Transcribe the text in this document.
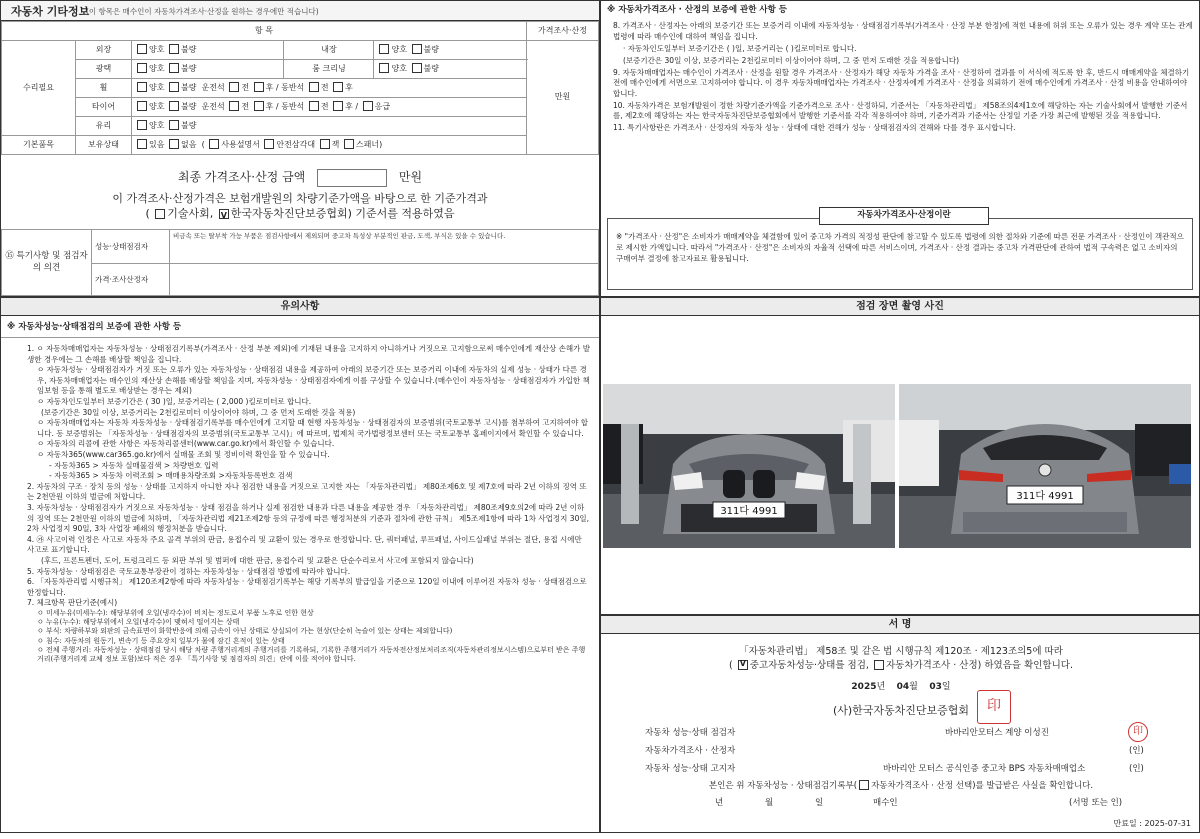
자동차 기타정보
(이 항목은 매수인이 자동차가격조사·산정을 원하는 경우에만 적습니다)
항 목					가격조사·산정
수리필요	외장	양호 불량	내장	양호 불량	만원
	광택	양호 불량	룸 크리닝	양호 불량	
	휠	양호 불량 운전석 전 후 / 동반석 전 후			
	타이어	양호 불량 운전석 전 후 / 동반석 전 후 / 응급			
	유리	양호 불량			
기본품목	보유상태	있음 없음  ( 사용설명서 안전삼각대 잭 스패너)			
최종 가격조사·산정 금액	만원
이 가격조사·산정가격은 보험개발원의 차량기준가액을 바탕으로 한 기준가격과
( 기술사회, V 한국자동차진단보증협회) 기준서를 적용하였음
⑮ 특기사항 및 점검자의 의견	성능·상태점검자	비금속 또는 탈부착 가능 부품은 점검사항에서 제외되며 중고차 특성상 부분적인 판금, 도색, 부식은 있을 수 있습니다.
	가격·조사산정자	
※ 자동차가격조사 · 산정의 보증에 관한 사항 등
8. 가격조사 · 산정자는 아래의 보증기간 또는 보증거리 이내에 자동차성능 · 상태점검기록부(가격조사 · 산정 부분 한정)에 적힌 내용에 허위 또는 오류가 있는 경우 계약 또는 관계법령에 따라 매수인에 대하여 책임을 집니다.
· 자동차인도일부터 보증기간은 ( )일, 보증거리는 ( )킬로미터로 합니다.
(보증기간은 30일 이상, 보증거리는 2천킬로미터 이상이어야 하며, 그 중 먼저 도래한 것을 적용합니다)
9. 자동차매매업자는 매수인이 가격조사 · 산정을 원할 경우 가격조사 · 산정자가 해당 자동차 가격을 조사 · 산정하여 결과를 이 서식에 적도록 한 후, 반드시 매매계약을 체결하기 전에 매수인에게 서면으로 고지하여야 합니다. 이 경우 자동차매매업자는 가격조사 · 산정자에게 가격조사 · 산정을 의뢰하기 전에 매수인에게 가격조사 · 산정 비용을 안내하여야 합니다.
10. 자동차가격은 보험개발원이 정한 차량기준가액을 기준가격으로 조사 · 산정하되, 기준서는 「자동차관리법」 제58조의4제1호에 해당하는 자는 기술사회에서 발행한 기준서를, 제2호에 해당하는 자는 한국자동차진단보증협회에서 발행한 기준서를 각각 적용하여야 하며, 기준가격과 기준서는 산정일 기준 가장 최근에 발행된 것을 적용합니다.
11. 특기사항란은 가격조사 · 산정자의 자동차 성능 · 상태에 대한 견해가 성능 · 상태점검자의 견해와 다를 경우 표시합니다.
※ "가격조사 · 산정"은 소비자가 매매계약을 체결함에 있어 중고차 가격의 적정성 판단에 참고할 수 있도록 법령에 의한 절차와 기준에 따른 전문 가격조사 · 산정인이 객관적으로 제시한 가액입니다. 따라서 "가격조사 · 산정"은 소비자의 자율적 선택에 따른 서비스이며, 가격조사 · 산정 결과는 중고차 가격판단에 관하여 법적 구속력은 없고 소비자의 구매여부 결정에 참고자료로 활용됩니다.
자동차가격조사·산정이란
유의사항
※ 자동차성능·상태점검의 보증에 관한 사항 등
1. ㅇ 자동차매매업자는 자동차성능 · 상태점검기록부(가격조사 · 산정 부분 제외)에 기재된 내용을 고지하지 아니하거나 거짓으로 고지함으로써 매수인에게 재산상 손해가 발생한 경우에는 그 손해를 배상할 책임을 집니다.
ㅇ 자동차성능 · 상태점검자가 거짓 또는 오류가 있는 자동차성능 · 상태점검 내용을 제공하여 아래의 보증기간 또는 보증거리 이내에 자동차의 실제 성능 · 상태가 다른 경우, 자동차매매업자는 매수인의 재산상 손해를 배상할 책임을 지며, 자동차성능 · 상태점검자에게 이를 구상할 수 있습니다.(매수인이 자동차성능 · 상태점검자가 가입한 책임보험 등을 통해 별도로 배상받는 경우는 제외)
ㅇ 자동차인도일부터 보증기간은 ( 30 )일, 보증거리는 ( 2,000 )킬로미터로 합니다.
(보증기간은 30일 이상, 보증거리는 2천킬로미터 이상이어야 하며, 그 중 먼저 도래한 것을 적용)
ㅇ 자동차매매업자는 자동차 자동차성능 · 상태점검기록부를 매수인에게 고지할 때 현행 자동차성능 · 상태점검자의 보증범위(국토교통부 고시)를 첨부하여 고지하여야 합니다. 동 보증범위는 「자동차성능 · 상태점검자의 보증범위(국토교통부 고시)」에 따르며, 법제처 국가법령정보센터 또는 국토교통부 홈페이지에서 확인할 수 있습니다.
ㅇ 자동차의 리콜에 관한 사항은 자동차리콜센터(www.car.go.kr)에서 확인할 수 있습니다.
ㅇ 자동차365(www.car365.go.kr)에서 실매물 조회 및 정비이력 확인을 할 수 있습니다.
- 자동차365 > 자동차 실매물검색 > 차량번호 입력
- 자동차365 > 자동차 이력조회 > 매매용차량조회 >자동차등록번호 검색
2. 자동차의 구조 · 장치 등의 성능 · 상태를 고지하지 아니한 자나 점검한 내용을 거짓으로 고지한 자는 「자동차관리법」 제80조제6호 및 제7호에 따라 2년 이하의 징역 또는 2천만원 이하의 벌금에 처합니다.
3. 자동차성능 · 상태점검자가 거짓으로 자동차성능 · 상태 점검을 하거나 실제 점검한 내용과 다른 내용을 제공한 경우 「자동차관리법」 제80조제9호의2에 따라 2년 이하의 징역 또는 2천만원 이하의 벌금에 처하며, 「자동차관리법 제21조제2항 등의 규정에 따른 행정처분의 기준과 절차에 관한 규칙」 제5조제1항에 따라 1차 사업정지 30일, 2차 사업정지 90일, 3차 사업장 폐쇄의 행정처분을 받습니다.
4. ㉮ 사고이력 인정은 사고로 자동차 주요 골격 부위의 판금, 용접수리 및 교환이 있는 경우로 한정합니다. 단, 쿼터패널, 루프패널, 사이드실패널 부위는 절단, 용접 시에만 사고로 표기합니다.
(후드, 프론트펜더, 도어, 트렁크리드 등 외판 부위 및 범퍼에 대한 판금, 용접수리 및 교환은 단순수리로서 사고에 포함되지 않습니다)
5. 자동차성능 · 상태점검은 국토교통부장관이 정하는 자동차성능 · 상태점검 방법에 따라야 합니다.
6. 「자동차관리법 시행규칙」 제120조제2항에 따라 자동차성능 · 상태점검기록부는 해당 기록부의 발급일을 기준으로 120일 이내에 이루어진 자동차 성능 · 상태점검으로 한정합니다.
7. 체크항목 판단기준(예시)
ㅇ 미세누유(미세누수): 해당부위에 오일(냉각수)이 비치는 정도로서 부품 노후로 인한 현상
ㅇ 누유(누수): 해당부위에서 오일(냉각수)이 맺혀서 떨어지는 상태
ㅇ 부식: 차량하부와 외판의 금속표면이 화학반응에 의해 금속이 아닌 상태로 상실되어 가는 현상(단순히 녹슬어 있는 상태는 제외합니다)
ㅇ 침수: 자동차의 원동기, 변속기 등 주요장치 일부가 물에 잠긴 흔적이 있는 상태
ㅇ 전체 주행거리: 자동차성능 · 상태점검 당시 해당 차량 주행거리계의 주행거리를 기록하되, 기록한 주행거리가 자동차전산정보처리조직(자동차관리정보시스템)으로부터 받은 주행거리(주행거리계 교체 정보 포함)보다 적은 경우 「특기사항 및 점검자의 의견」란에 이를 적어야 합니다.
점검 장면 촬영 사진
311다 4991
311다 4991
서 명
「자동차관리법」 제58조 및 같은 법 시행규칙 제120조 · 제123조의5에 따라
( V중고자동차성능·상태를 점검, 자동차가격조사 · 산정) 하였음을 확인합니다.
2025년 04월 03일
(사)한국자동차진단보증협회	印
자동차 성능·상태 점검자	바바리안모터스 계양 이성진	印
자동차가격조사 · 산정자	(인)
자동차 성능·상태 고지자	바바리안 모터스 공식인증 중고차 BPS 자동차매매업소	(인)
본인은 위 자동차성능 · 상태점검기록부( 자동차가격조사 · 산정 선택)를 발급받은 사실을 확인합니다.
년	월	일	매수인	(서명 또는 인)
만료일 : 2025-07-31
